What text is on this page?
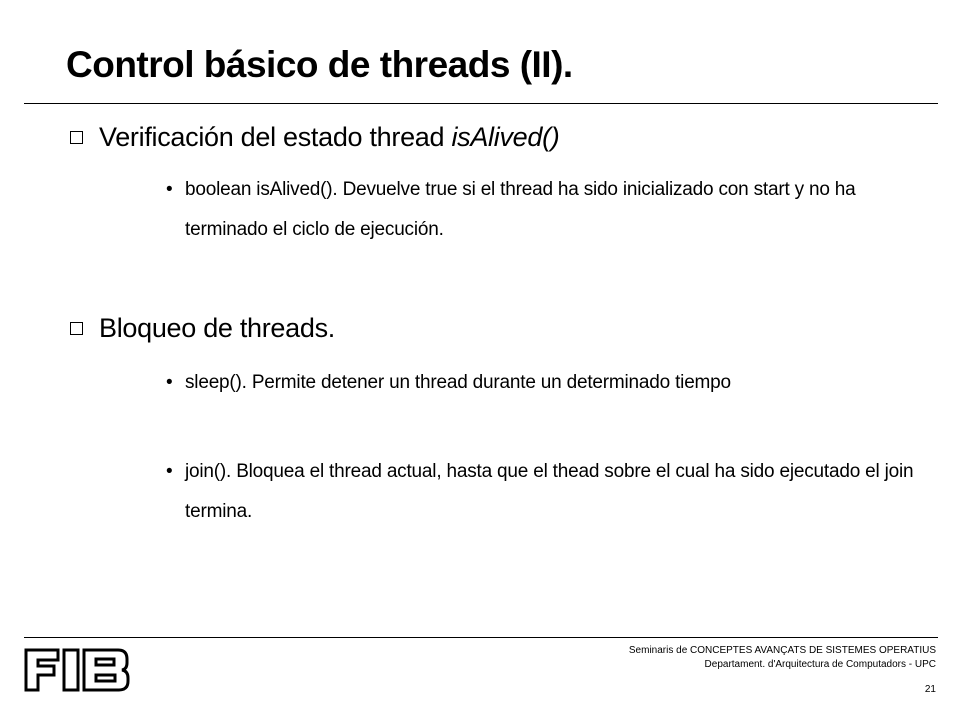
Control básico de threads (II).
Verificación del estado thread isAlived()
• boolean isAlived(). Devuelve true si el thread ha sido inicializado con start y no ha terminado el ciclo de ejecución.
Bloqueo de threads.
• sleep(). Permite detener un thread durante un determinado tiempo
• join(). Bloquea el thread actual, hasta que el thead sobre el cual ha sido ejecutado el join termina.
Seminaris de CONCEPTES AVANÇATS DE SISTEMES OPERATIUS
Departament. d'Arquitectura de Computadors - UPC
21
